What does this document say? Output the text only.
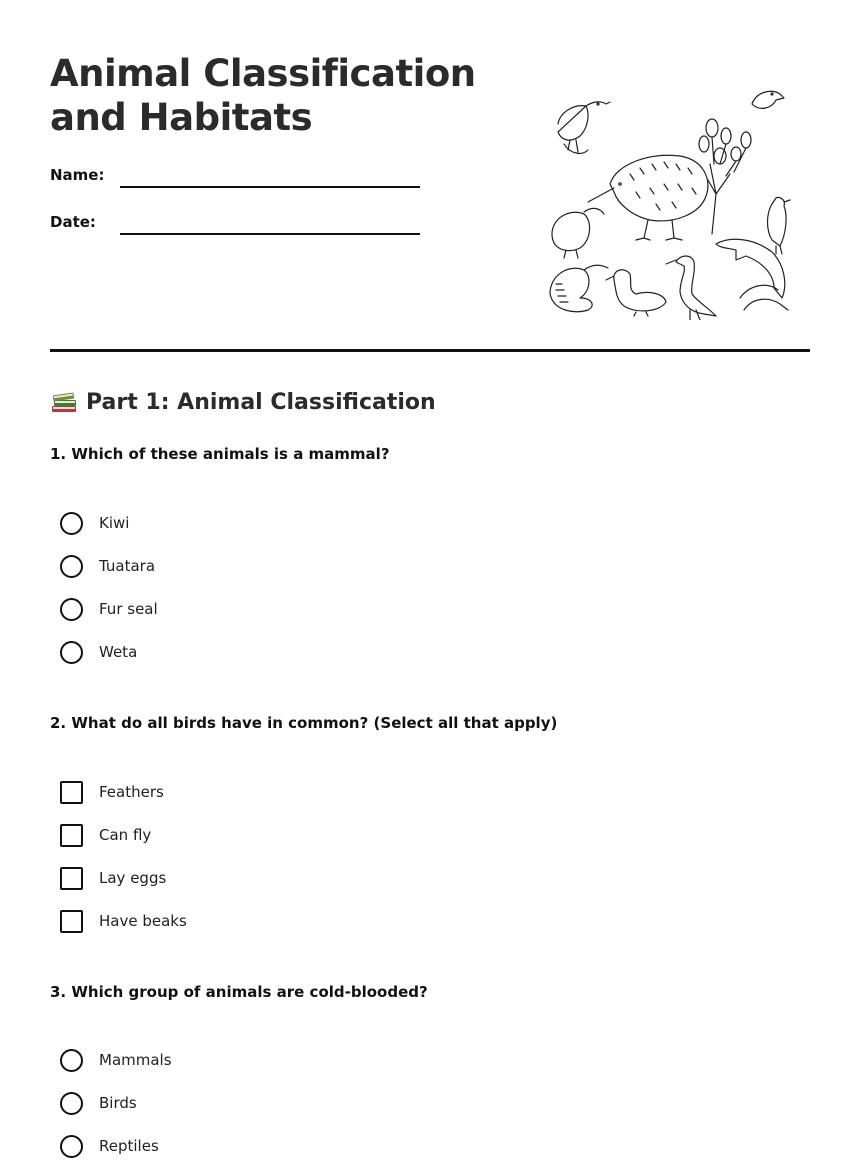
Animal Classification
and Habitats
Name:
Date:
Part 1: Animal Classification
1. Which of these animals is a mammal?
Kiwi
Tuatara
Fur seal
Weta
2. What do all birds have in common? (Select all that apply)
Feathers
Can fly
Lay eggs
Have beaks
3. Which group of animals are cold-blooded?
Mammals
Birds
Reptiles
